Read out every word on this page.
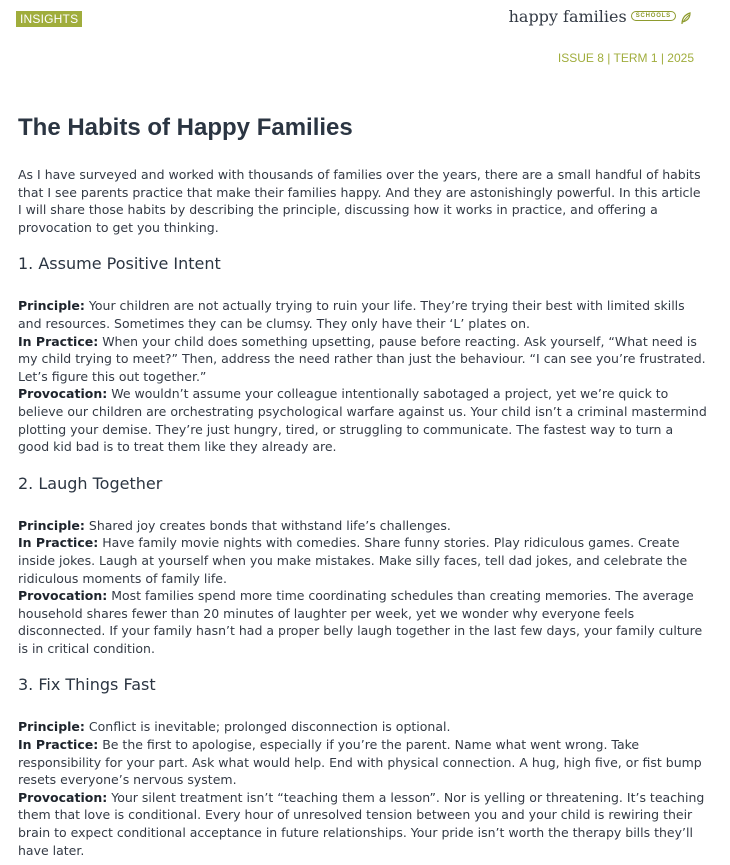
INSIGHTS	happy families	SCHOOLS
ISSUE 8 | TERM 1 | 2025
The Habits of Happy Families

As I have surveyed and worked with thousands of families over the years, there are a small handful of habits that I see parents practice that make their families happy. And they are astonishingly powerful. In this article I will share those habits by describing the principle, discussing how it works in practice, and offering a provocation to get you thinking.

1. Assume Positive Intent

Principle: Your children are not actually trying to ruin your life. They’re trying their best with limited skills and resources. Sometimes they can be clumsy. They only have their ‘L’ plates on.

In Practice: When your child does something upsetting, pause before reacting. Ask yourself, “What need is my child trying to meet?” Then, address the need rather than just the behaviour. “I can see you’re frustrated. Let’s figure this out together.”

Provocation: We wouldn’t assume your colleague intentionally sabotaged a project, yet we’re quick to believe our children are orchestrating psychological warfare against us. Your child isn’t a criminal mastermind plotting your demise. They’re just hungry, tired, or struggling to communicate. The fastest way to turn a good kid bad is to treat them like they already are.

2. Laugh Together

Principle: Shared joy creates bonds that withstand life’s challenges.

In Practice: Have family movie nights with comedies. Share funny stories. Play ridiculous games. Create inside jokes. Laugh at yourself when you make mistakes. Make silly faces, tell dad jokes, and celebrate the ridiculous moments of family life.

Provocation: Most families spend more time coordinating schedules than creating memories. The average household shares fewer than 20 minutes of laughter per week, yet we wonder why everyone feels disconnected. If your family hasn’t had a proper belly laugh together in the last few days, your family culture is in critical condition.

3. Fix Things Fast

Principle: Conflict is inevitable; prolonged disconnection is optional.

In Practice: Be the first to apologise, especially if you’re the parent. Name what went wrong. Take responsibility for your part. Ask what would help. End with physical connection. A hug, high five, or fist bump resets everyone’s nervous system.

Provocation: Your silent treatment isn’t “teaching them a lesson”. Nor is yelling or threatening. It’s teaching them that love is conditional. Every hour of unresolved tension between you and your child is rewiring their brain to expect conditional acceptance in future relationships. Your pride isn’t worth the therapy bills they’ll have later.
